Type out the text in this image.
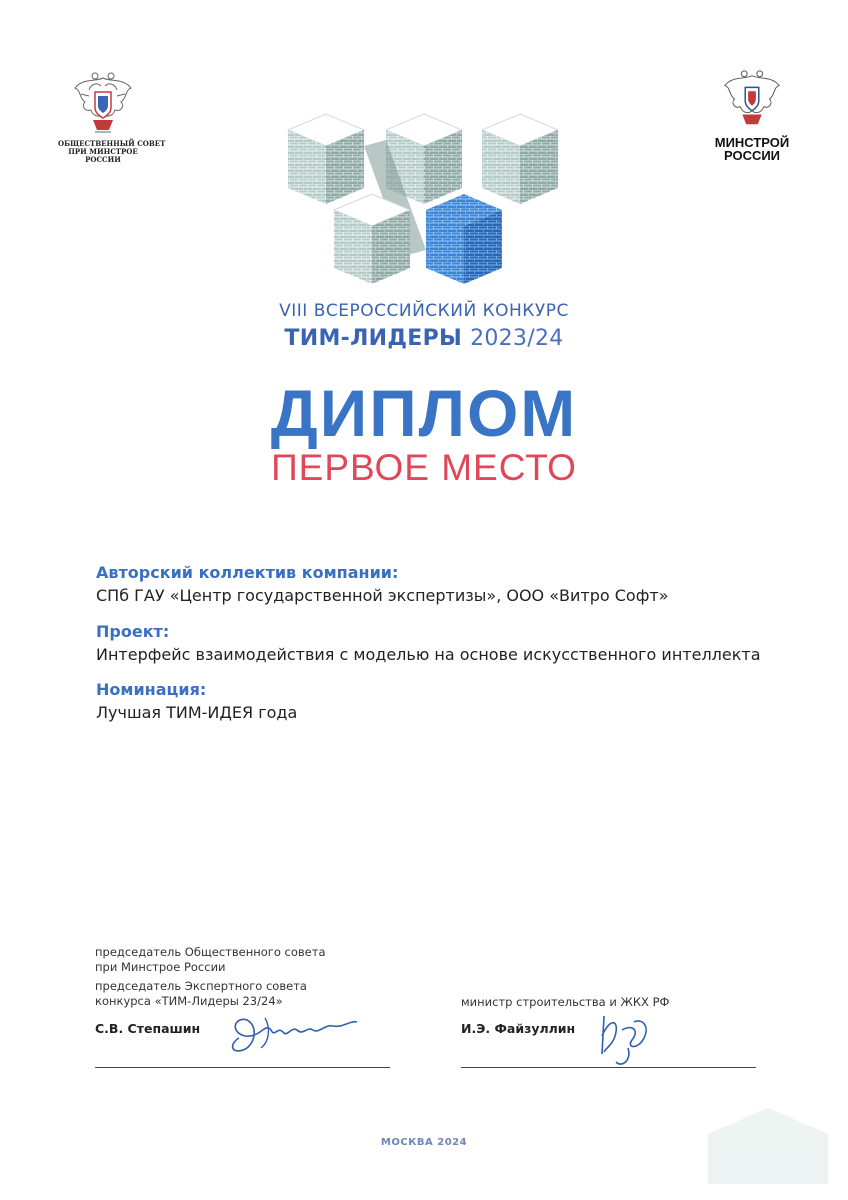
ОБЩЕСТВЕННЫЙ СОВЕТ
ПРИ МИНСТРОЕ
РОССИИ
МИНСТРОЙ
РОССИИ
VIII ВСЕРОССИЙСКИЙ КОНКУРС
ТИМ-ЛИДЕРЫ 2023/24
ДИПЛОМ
ПЕРВОЕ МЕСТО
Авторский коллектив компании:
СПб ГАУ «Центр государственной экспертизы», ООО «Витро Софт»
Проект:
Интерфейс взаимодействия с моделью на основе искусственного интеллекта
Номинация:
Лучшая ТИМ-ИДЕЯ года
председатель Общественного совета
при Минстрое России
председатель Экспертного совета
конкурса «ТИМ-Лидеры 23/24»
С.В. Степашин
министр строительства и ЖКХ РФ
И.Э. Файзуллин
МОСКВА 2024
